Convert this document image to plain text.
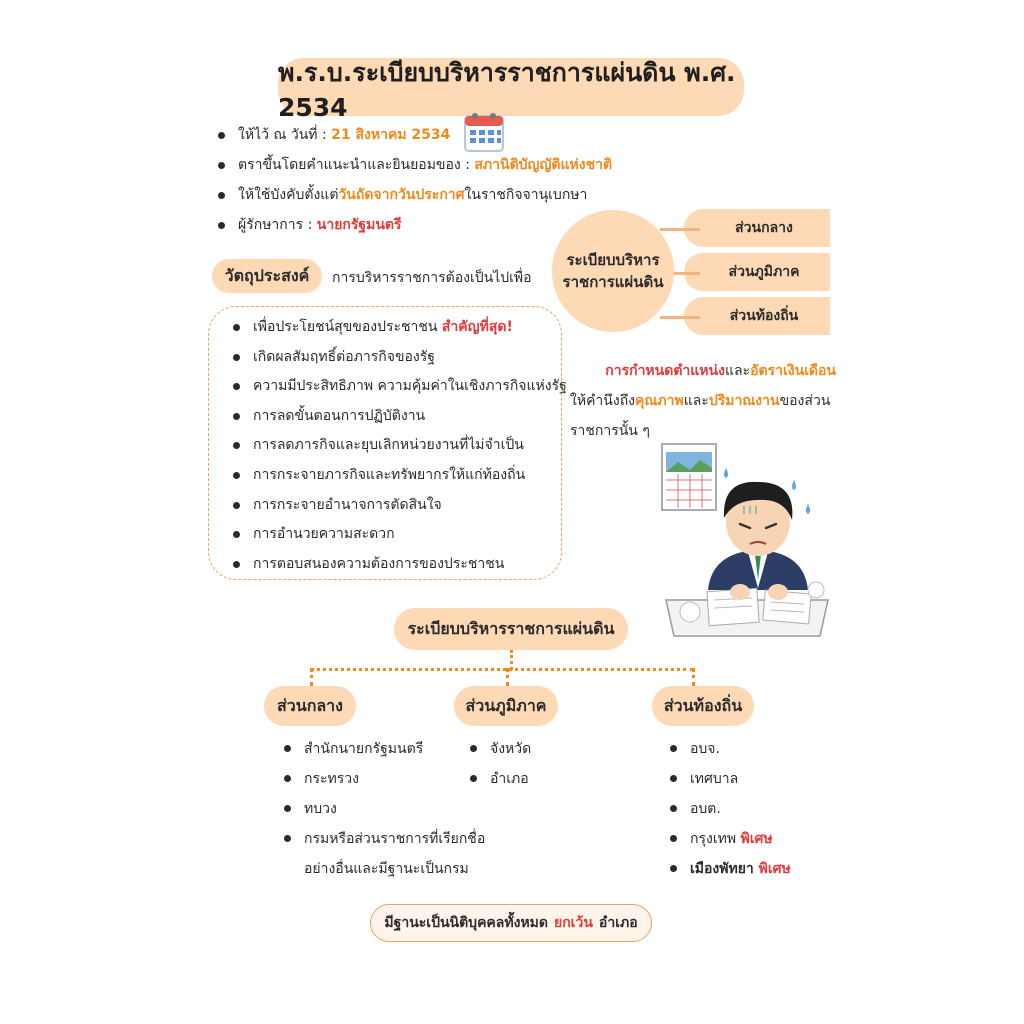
พ.ร.บ.ระเบียบบริหารราชการแผ่นดิน พ.ศ. 2534
ให้ไว้ ณ วันที่ : 21 สิงหาคม 2534
ตราขึ้นโดยคำแนะนำและยินยอมของ : สภานิติบัญญัติแห่งชาติ
ให้ใช้บังคับตั้งแต่วันถัดจากวันประกาศในราชกิจจานุเบกษา
ผู้รักษาการ : นายกรัฐมนตรี
วัตถุประสงค์	การบริหารราชการต้องเป็นไปเพื่อ
เพื่อประโยชน์สุขของประชาชน สำคัญที่สุด!
เกิดผลสัมฤทธิ์ต่อภารกิจของรัฐ
ความมีประสิทธิภาพ ความคุ้มค่าในเชิงภารกิจแห่งรัฐ
การลดขั้นตอนการปฏิบัติงาน
การลดภารกิจและยุบเลิกหน่วยงานที่ไม่จำเป็น
การกระจายภารกิจและทรัพยากรให้แก่ท้องถิ่น
การกระจายอำนาจการตัดสินใจ
การอำนวยความสะดวก
การตอบสนองความต้องการของประชาชน
ระเบียบบริหาร
ราชการแผ่นดิน
ส่วนกลาง
ส่วนภูมิภาค
ส่วนท้องถิ่น
การกำหนดตำแหน่งและอัตราเงินเดือน
ให้คำนึงถึงคุณภาพและปริมาณงานของส่วนราชการนั้น ๆ
ระเบียบบริหารราชการแผ่นดิน
ส่วนกลาง	ส่วนภูมิภาค	ส่วนท้องถิ่น
สำนักนายกรัฐมนตรี
กระทรวง
ทบวง
กรมหรือส่วนราชการที่เรียกชื่ออย่างอื่นและมีฐานะเป็นกรม
จังหวัด
อำเภอ
อบจ.
เทศบาล
อบต.
กรุงเทพ พิเศษ
เมืองพัทยา พิเศษ
มีฐานะเป็นนิติบุคคลทั้งหมด ยกเว้น อำเภอ
